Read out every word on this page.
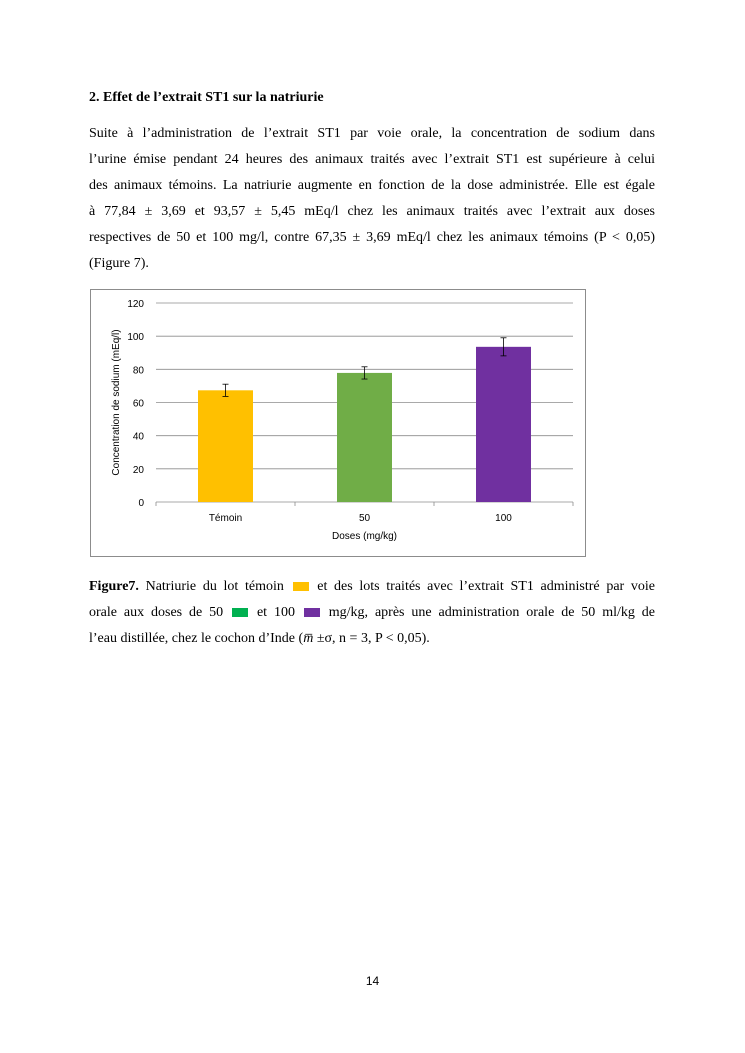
2. Effet de l’extrait ST1 sur la natriurie
Suite à l’administration de l’extrait ST1 par voie orale, la concentration de sodium dans
l’urine émise pendant 24 heures des animaux traités avec l’extrait ST1 est supérieure à celui
des animaux témoins. La natriurie augmente en fonction de la dose administrée. Elle est égale
à 77,84 ± 3,69 et 93,57 ± 5,45 mEq/l chez les animaux traités avec l’extrait aux doses
respectives de 50 et 100 mg/l, contre 67,35 ± 3,69 mEq/l chez les animaux témoins (P < 0,05)
(Figure 7).
0
20
40
60
80
100
120
Témoin	50	100
Doses (mg/kg)
Concentration de sodium (mEq/l)
Figure7. Natriurie du lot témoin  et des lots traités avec l’extrait ST1 administré par voie
orale aux doses de 50  et 100  mg/kg, après une administration orale de 50 ml/kg de
l’eau distillée, chez le cochon d’Inde (m̅ ±σ, n = 3, P < 0,05).
14
